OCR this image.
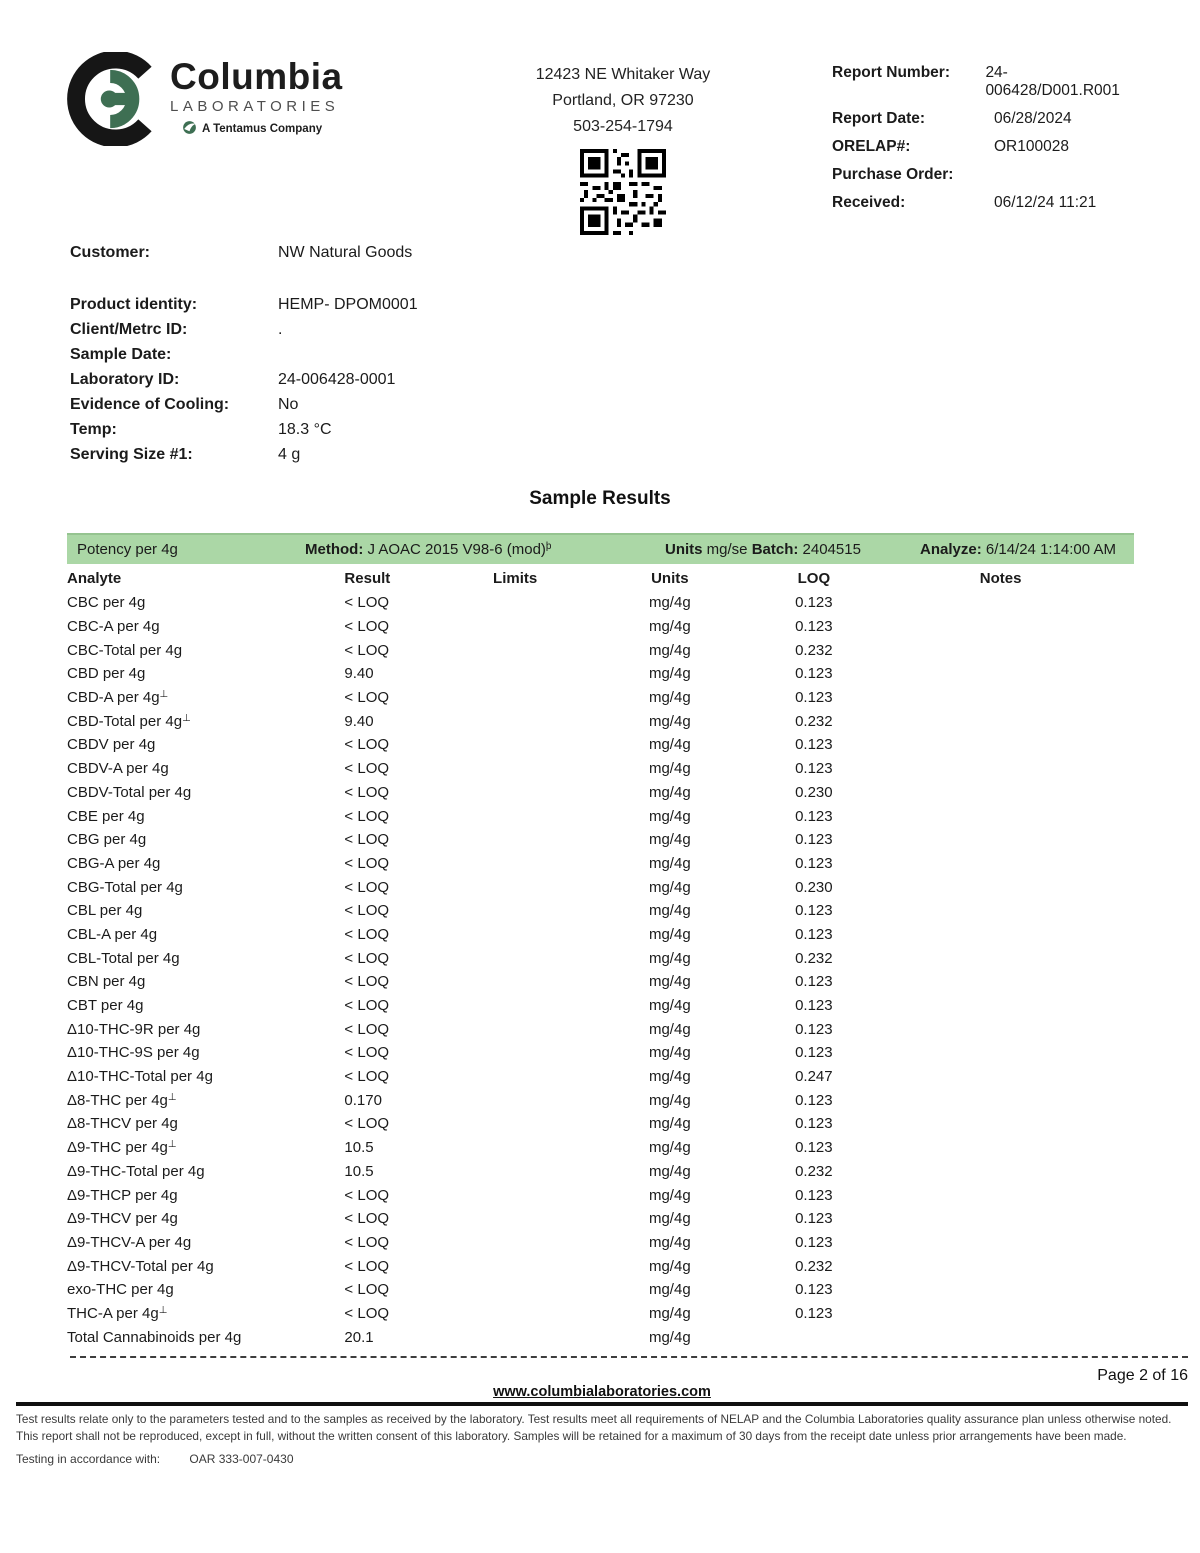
Columbia
LABORATORIES
A Tentamus Company
12423 NE Whitaker Way
Portland, OR 97230
503-254-1794
Report Number:	24-006428/D001.R001
Report Date:	06/28/2024
ORELAP#:	OR100028
Purchase Order:
Received:	06/12/24 11:21
Customer:	NW Natural Goods
Product identity:	HEMP- DPOM0001
Client/Metrc ID:	.
Sample Date:
Laboratory ID:	24-006428-0001
Evidence of Cooling:	No
Temp:	18.3 °C
Serving Size #1:	4 g
Sample Results
Potency per 4g	Method: J AOAC 2015 V98-6 (mod)$^þ$	Units mg/se Batch: 2404515	Analyze: 6/14/24 1:14:00 AM
Analyte	Result	Limits	Units	LOQ	Notes
CBC per 4g	< LOQ		mg/4g	0.123	
CBC-A per 4g	< LOQ		mg/4g	0.123	
CBC-Total per 4g	< LOQ		mg/4g	0.232	
CBD per 4g	9.40		mg/4g	0.123	
CBD-A per 4g⊥	< LOQ		mg/4g	0.123	
CBD-Total per 4g⊥	9.40		mg/4g	0.232	
CBDV per 4g	< LOQ		mg/4g	0.123	
CBDV-A per 4g	< LOQ		mg/4g	0.123	
CBDV-Total per 4g	< LOQ		mg/4g	0.230	
CBE per 4g	< LOQ		mg/4g	0.123	
CBG per 4g	< LOQ		mg/4g	0.123	
CBG-A per 4g	< LOQ		mg/4g	0.123	
CBG-Total per 4g	< LOQ		mg/4g	0.230	
CBL per 4g	< LOQ		mg/4g	0.123	
CBL-A per 4g	< LOQ		mg/4g	0.123	
CBL-Total per 4g	< LOQ		mg/4g	0.232	
CBN per 4g	< LOQ		mg/4g	0.123	
CBT per 4g	< LOQ		mg/4g	0.123	
Δ10-THC-9R per 4g	< LOQ		mg/4g	0.123	
Δ10-THC-9S per 4g	< LOQ		mg/4g	0.123	
Δ10-THC-Total per 4g	< LOQ		mg/4g	0.247	
Δ8-THC per 4g⊥	0.170		mg/4g	0.123	
Δ8-THCV per 4g	< LOQ		mg/4g	0.123	
Δ9-THC per 4g⊥	10.5		mg/4g	0.123	
Δ9-THC-Total per 4g	10.5		mg/4g	0.232	
Δ9-THCP per 4g	< LOQ		mg/4g	0.123	
Δ9-THCV per 4g	< LOQ		mg/4g	0.123	
Δ9-THCV-A per 4g	< LOQ		mg/4g	0.123	
Δ9-THCV-Total per 4g	< LOQ		mg/4g	0.232	
exo-THC per 4g	< LOQ		mg/4g	0.123	
THC-A per 4g⊥	< LOQ		mg/4g	0.123	
Total Cannabinoids per 4g	20.1		mg/4g		
Page 2 of 16
www.columbialaboratories.com

Test results relate only to the parameters tested and to the samples as received by the laboratory. Test results meet all requirements of NELAP and the Columbia Laboratories quality assurance plan unless otherwise noted. This report shall not be reproduced, except in full, without the written consent of this laboratory. Samples will be retained for a maximum of 30 days from the receipt date unless prior arrangements have been made.

Testing in accordance with: OAR 333-007-0430
